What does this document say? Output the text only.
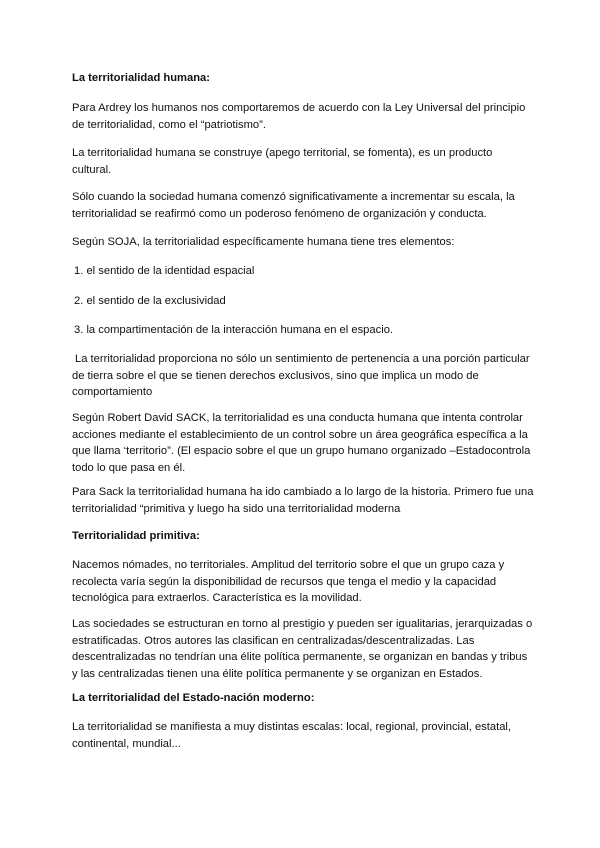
La territorialidad humana:

Para Ardrey los humanos nos comportaremos de acuerdo con la Ley Universal del principio de territorialidad, como el “patriotismo”.

La territorialidad humana se construye (apego territorial, se fomenta), es un producto cultural.

Sólo cuando la sociedad humana comenzó significativamente a incrementar su escala, la territorialidad se reafirmó como un poderoso fenómeno de organización y conducta.

Según SOJA, la territorialidad específicamente humana tiene tres elementos:

1. el sentido de la identidad espacial

2. el sentido de la exclusividad

3. la compartimentación de la interacción humana en el espacio.

La territorialidad proporciona no sólo un sentimiento de pertenencia a una porción particular de tierra sobre el que se tienen derechos exclusivos, sino que implica un modo de comportamiento

Según Robert David SACK, la territorialidad es una conducta humana que intenta controlar acciones mediante el establecimiento de un control sobre un área geográfica específica a la que llama ‘territorio”. (El espacio sobre el que un grupo humano organizado –Estadocontrola todo lo que pasa en él.

Para Sack la territorialidad humana ha ido cambiado a lo largo de la historia. Primero fue una territorialidad “primitiva y luego ha sido una territorialidad moderna

Territorialidad primitiva:

Nacemos nómades, no territoriales. Amplitud del territorio sobre el que un grupo caza y recolecta varía según la disponibilidad de recursos que tenga el medio y la capacidad tecnológica para extraerlos. Característica es la movilidad.

Las sociedades se estructuran en torno al prestigio y pueden ser igualitarias, jerarquizadas o estratificadas. Otros autores las clasifican en centralizadas/descentralizadas. Las descentralizadas no tendrían una élite política permanente, se organizan en bandas y tribus y las centralizadas tienen una élite política permanente y se organizan en Estados.

La territorialidad del Estado-nación moderno:

La territorialidad se manifiesta a muy distintas escalas: local, regional, provincial, estatal, continental, mundial...
